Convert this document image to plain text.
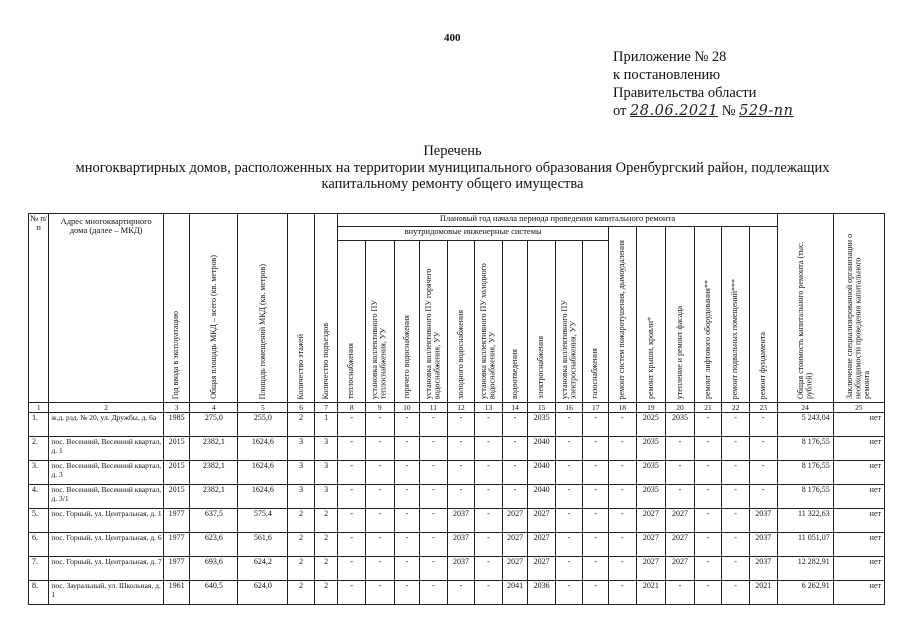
400
Приложение № 28
к постановлению
Правительства области
от 28.06.2021 № 529-пп
Перечень
многоквартирных домов, расположенных на территории муниципального образования Оренбургский район, подлежащих
капитальному ремонту общего имущества
№ п/п	Адрес многоквартирного дома (далее – МКД)	Год ввода в эксплуатацию	Общая площадь МКД – всего (кв. метров)	Площадь помещений МКД (кв. метров)	Количество этажей	Количество подъездов	Плановый год начала периода проведения капитального ремонта																Общая стоимость капитального ремонта (тыс. рублей)	Заключение специализированной организации о необходимости проведения капитального ремонта

							внутридомовые инженерные системы										ремонт систем пожаротушения, дымоудаления	ремонт крыши, кровли*	утепление и ремонт фасада	ремонт лифтового оборудования**	ремонт подвальных помещений***	ремонт фундамента		

							теплоснабжения	установка коллективного ПУ теплоснабжения, УУ	горячего водоснабжения	установка коллективного ПУ горячего водоснабжения, УУ	холодного водоснабжения	установка коллективного ПУ холодного водоснабжения, УУ	водоотведения	электроснабжения	установка коллективного ПУ электроснабжения, УУ	газоснабжения								

1	2	3	4	5	6	7	8	9	10	11	12	13	14	15	16	17	18	19	20	21	22	23	24	25
1.	ж.д. рзд. № 20, ул. Дружбы, д. 6а	1985	275,0	255,0	2	1	-	-	-	-	-	-	-	2035	-	-	-	2025	2035	-	-	-	5 243,04	нет
2.	пос. Весенний, Весенний квартал, д. 1	2015	2382,1	1624,6	3	3	-	-	-	-	-	-	-	2040	-	-	-	2035	-	-	-	-	8 176,55	нет
3.	пос. Весенний, Весенний квартал, д. 3	2015	2382,1	1624,6	3	3	-	-	-	-	-	-	-	2040	-	-	-	2035	-	-	-	-	8 176,55	нет
4.	пос. Весенний, Весенний квартал, д. 3/1	2015	2382,1	1624,6	3	3	-	-	-	-	-	-	-	2040	-	-	-	2035	-	-	-	-	8 176,55	нет
5.	пос. Горный, ул. Центральная, д. 1	1977	637,5	575,4	2	2	-	-	-	-	2037	-	2027	2027	-	-	-	2027	2027	-	-	2037	11 322,63	нет
6.	пос. Горный, ул. Центральная, д. 6	1977	623,6	561,6	2	2	-	-	-	-	2037	-	2027	2027	-	-	-	2027	2027	-	-	2037	11 051,07	нет
7.	пос. Горный, ул. Центральная, д. 7	1977	693,6	624,2	2	2	-	-	-	-	2037	-	2027	2027	-	-	-	2027	2027	-	-	2037	12 282,91	нет
8.	пос. Зауральный, ул. Школьная, д. 1	1961	640,5	624,0	2	2	-	-	-	-	-	-	2041	2036	-	-	-	2021	-	-	-	2021	6 262,91	нет
